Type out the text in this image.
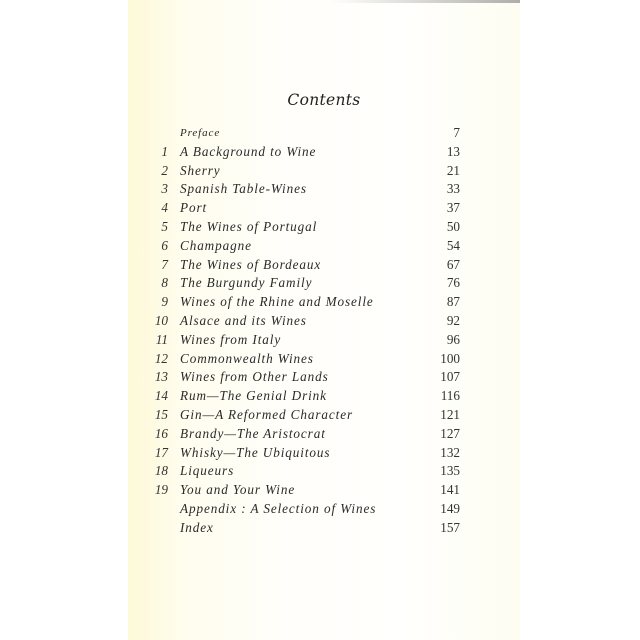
Contents
Preface	7
1 A Background to Wine	13
2 Sherry	21
3 Spanish Table-Wines	33
4 Port	37
5 The Wines of Portugal	50
6 Champagne	54
7 The Wines of Bordeaux	67
8 The Burgundy Family	76
9 Wines of the Rhine and Moselle	87
10 Alsace and its Wines	92
11 Wines from Italy	96
12 Commonwealth Wines	100
13 Wines from Other Lands	107
14 Rum—The Genial Drink	116
15 Gin—A Reformed Character	121
16 Brandy—The Aristocrat	127
17 Whisky—The Ubiquitous	132
18 Liqueurs	135
19 You and Your Wine	141
Appendix : A Selection of Wines	149
Index	157
